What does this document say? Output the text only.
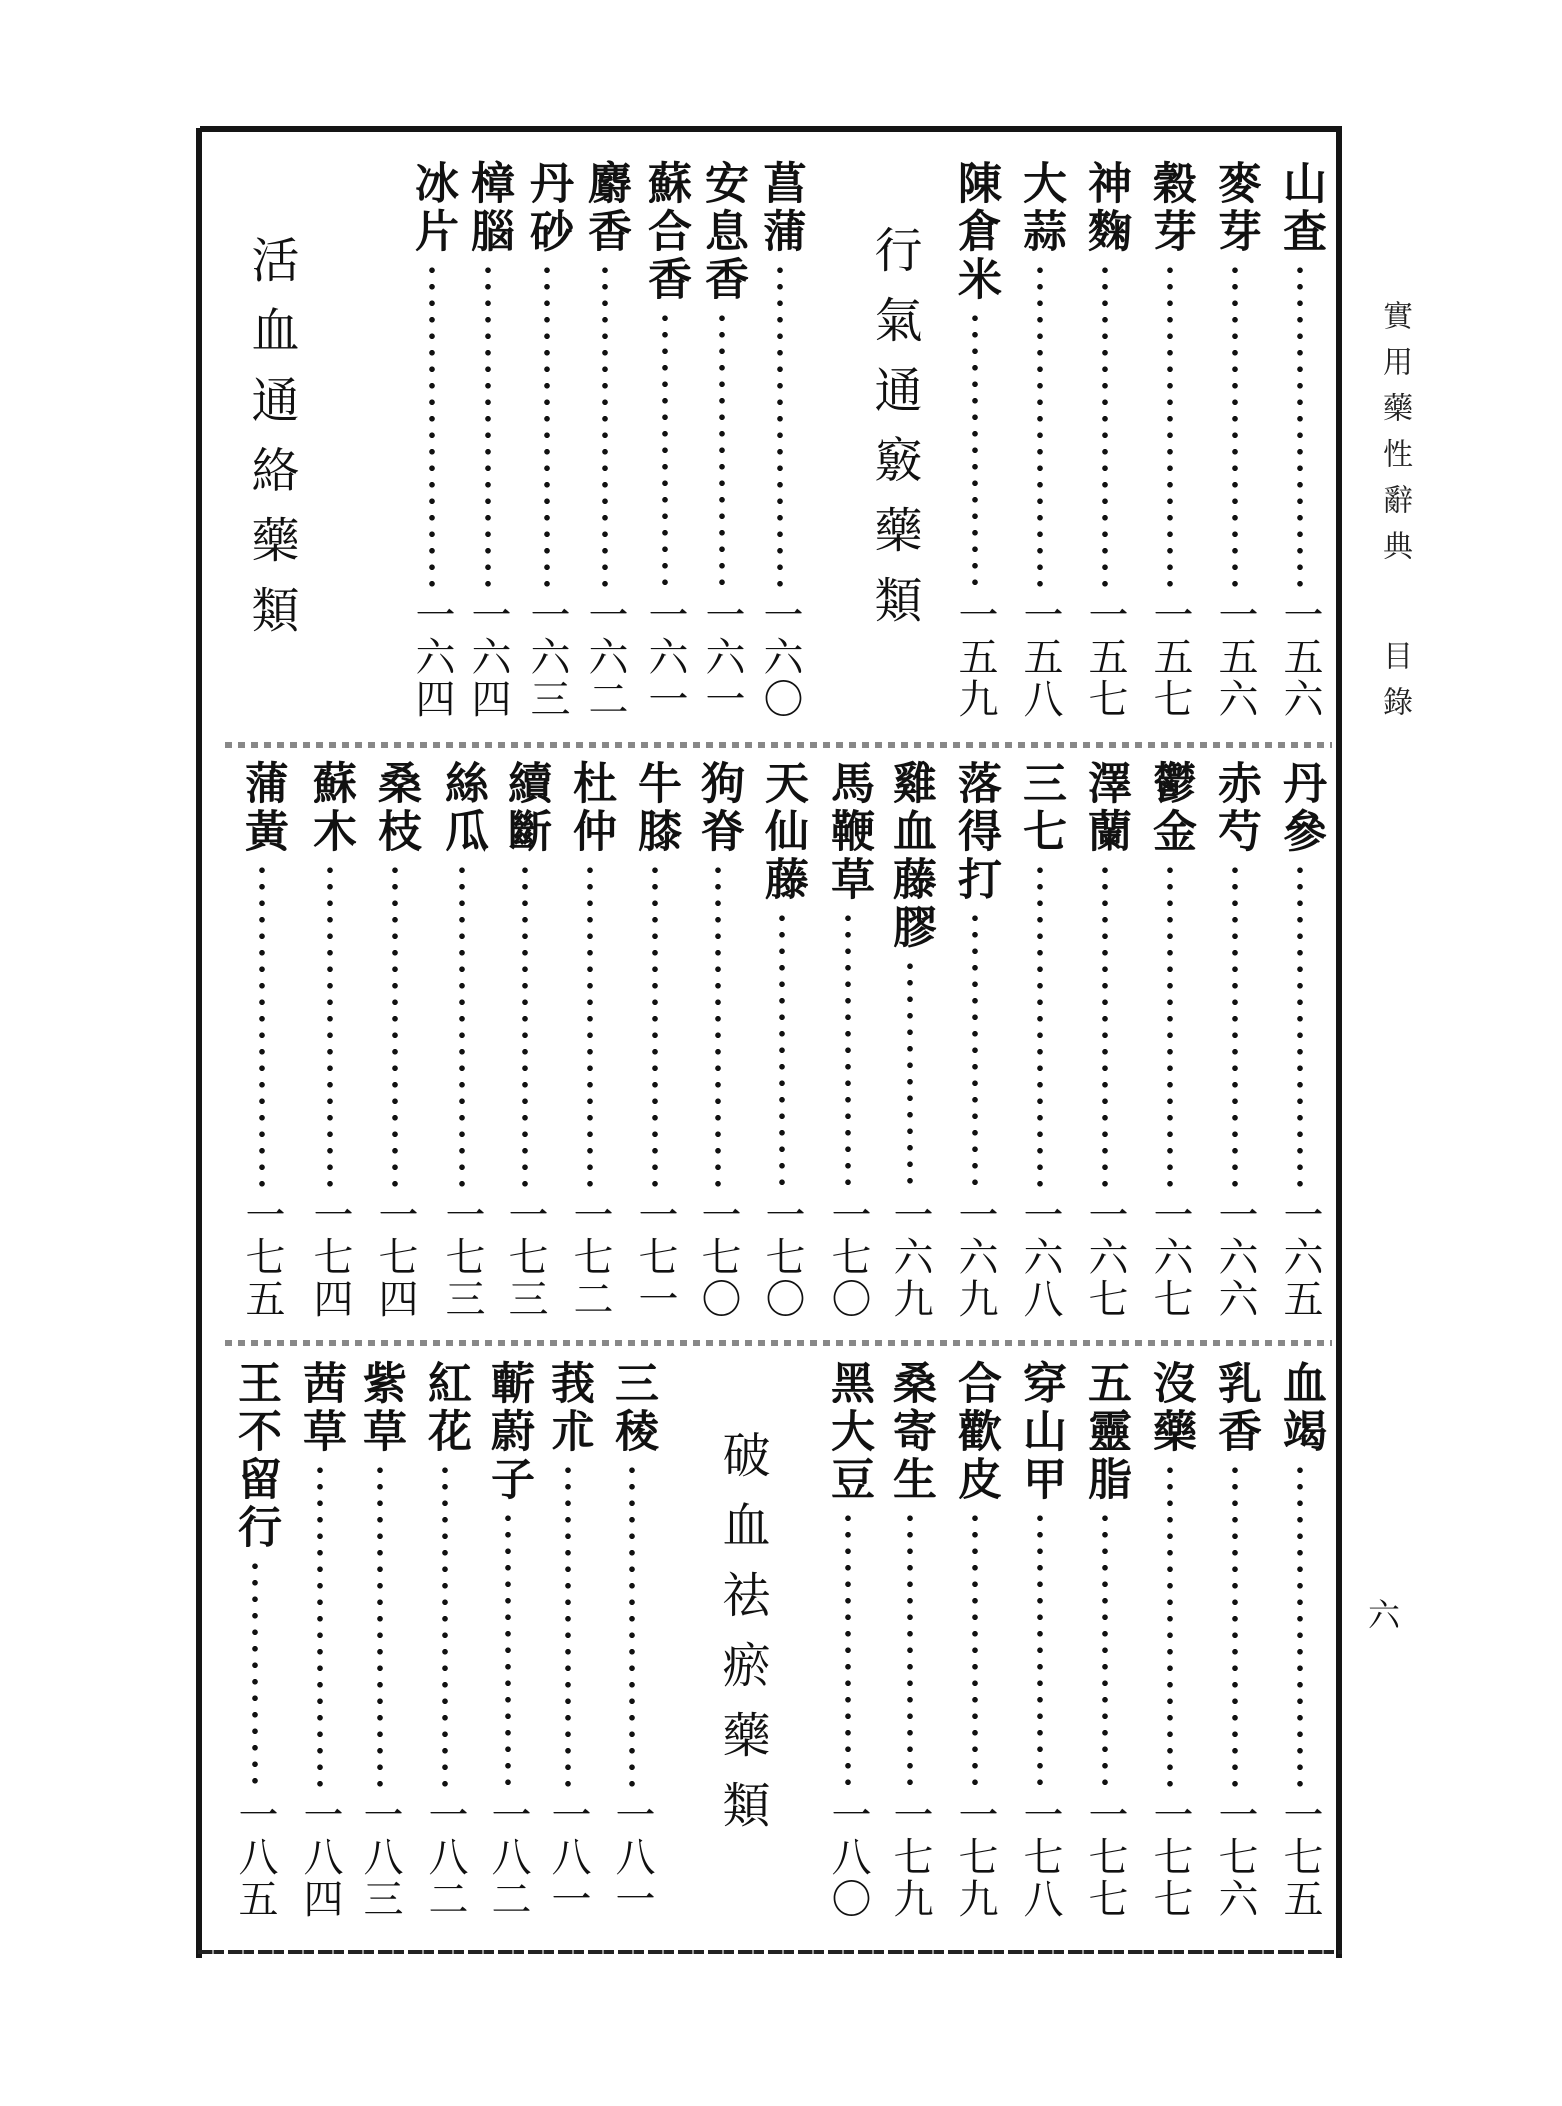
實用藥性辭典
目錄
六
山査
一五六
麥芽
一五六
穀芽
一五七
神麴
一五七
大蒜
一五八
陳倉米
一五九
行氣通竅藥類
菖蒲
一六〇
安息香
一六一
蘇合香
一六一
麝香
一六二
丹砂
一六三
樟腦
一六四
冰片
一六四
活血通絡藥類
丹參
一六五
赤芍
一六六
鬱金
一六七
澤蘭
一六七
三七
一六八
落得打
一六九
雞血藤膠
一六九
馬鞭草
一七〇
天仙藤
一七〇
狗脊
一七〇
牛膝
一七一
杜仲
一七二
續斷
一七三
絲瓜
一七三
桑枝
一七四
蘇木
一七四
蒲黃
一七五
血竭
一七五
乳香
一七六
沒藥
一七七
五靈脂
一七七
穿山甲
一七八
合歡皮
一七九
桑寄生
一七九
黑大豆
一八〇
破血祛瘀藥類
三稜
一八一
莪朮
一八一
蘄蔚子
一八二
紅花
一八二
紫草
一八三
茜草
一八四
王不留行
一八五
